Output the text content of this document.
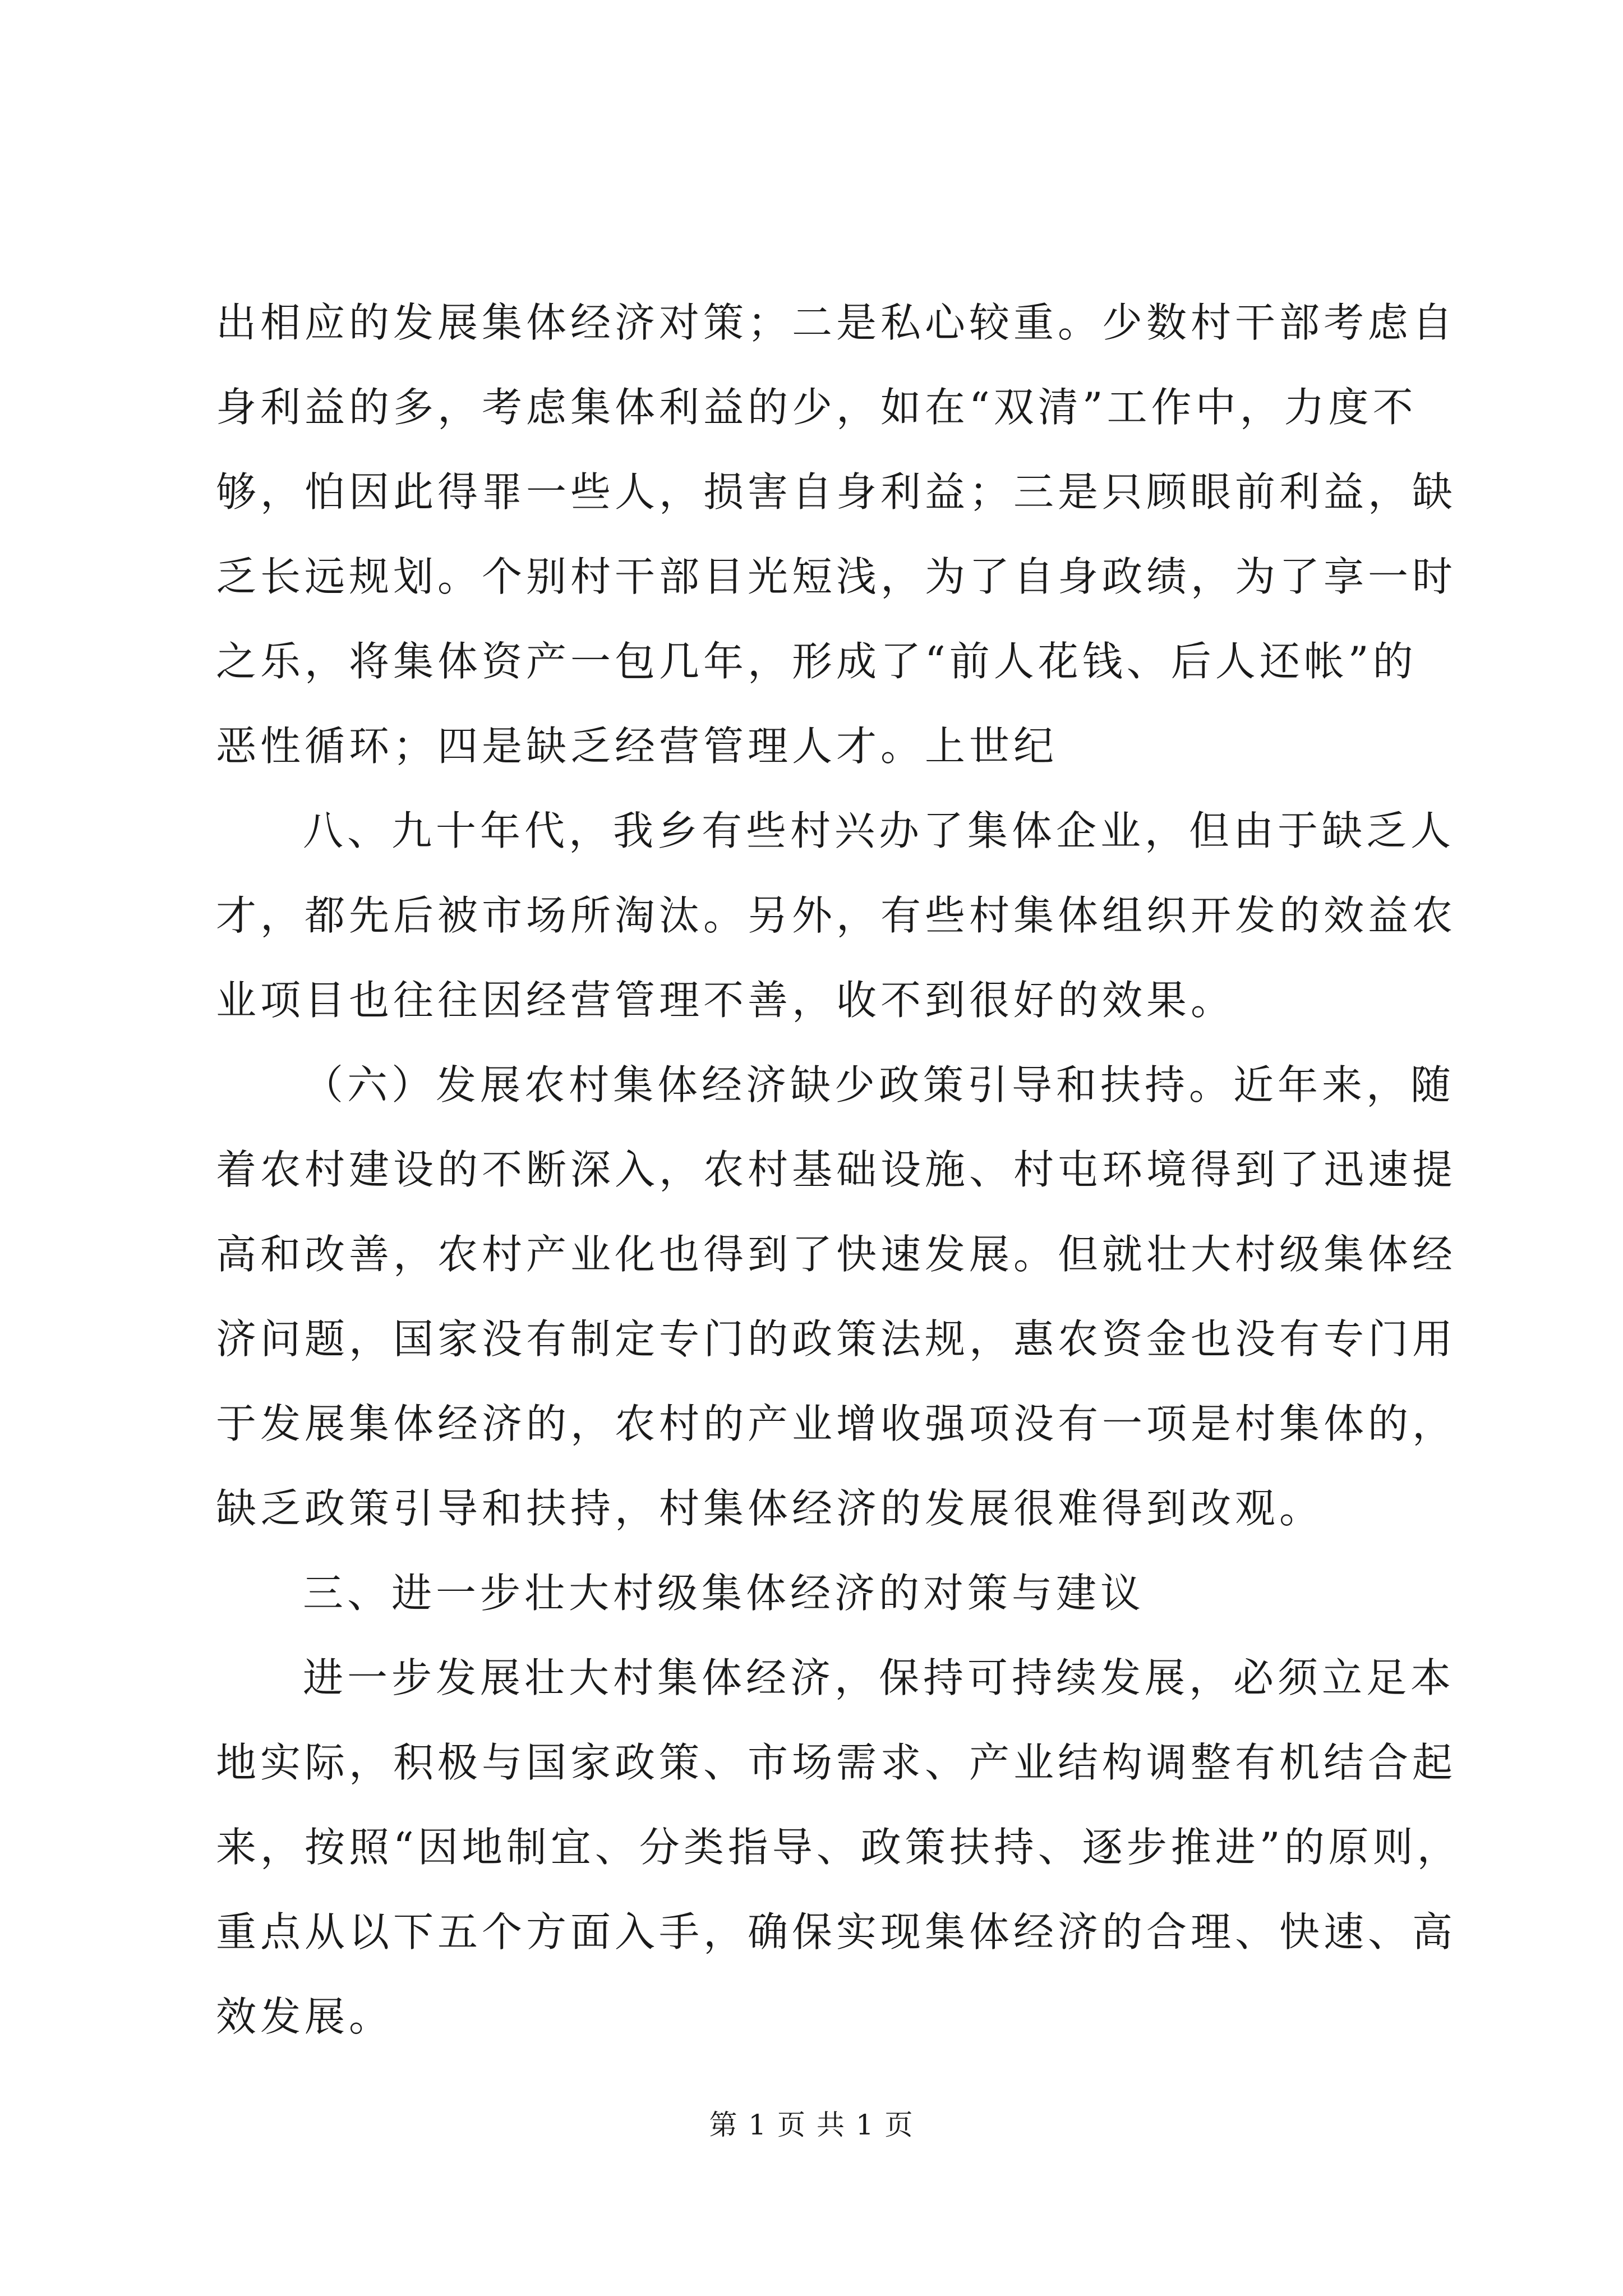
出相应的发展集体经济对策；二是私心较重。少数村干部考虑自
身利益的多，考虑集体利益的少，如在“双清”工作中，力度不
够，怕因此得罪一些人，损害自身利益；三是只顾眼前利益，缺
乏长远规划。个别村干部目光短浅，为了自身政绩，为了享一时
之乐，将集体资产一包几年，形成了“前人花钱、后人还帐”的
恶性循环；四是缺乏经营管理人才。上世纪
八、九十年代，我乡有些村兴办了集体企业，但由于缺乏人
才，都先后被市场所淘汰。另外，有些村集体组织开发的效益农
业项目也往往因经营管理不善，收不到很好的效果。
（六）发展农村集体经济缺少政策引导和扶持。近年来，随
着农村建设的不断深入，农村基础设施、村屯环境得到了迅速提
高和改善，农村产业化也得到了快速发展。但就壮大村级集体经
济问题，国家没有制定专门的政策法规，惠农资金也没有专门用
于发展集体经济的，农村的产业增收强项没有一项是村集体的，
缺乏政策引导和扶持，村集体经济的发展很难得到改观。
三、进一步壮大村级集体经济的对策与建议
进一步发展壮大村集体经济，保持可持续发展，必须立足本
地实际，积极与国家政策、市场需求、产业结构调整有机结合起
来，按照“因地制宜、分类指导、政策扶持、逐步推进”的原则，
重点从以下五个方面入手，确保实现集体经济的合理、快速、高
效发展。
第 1 页 共 1 页
